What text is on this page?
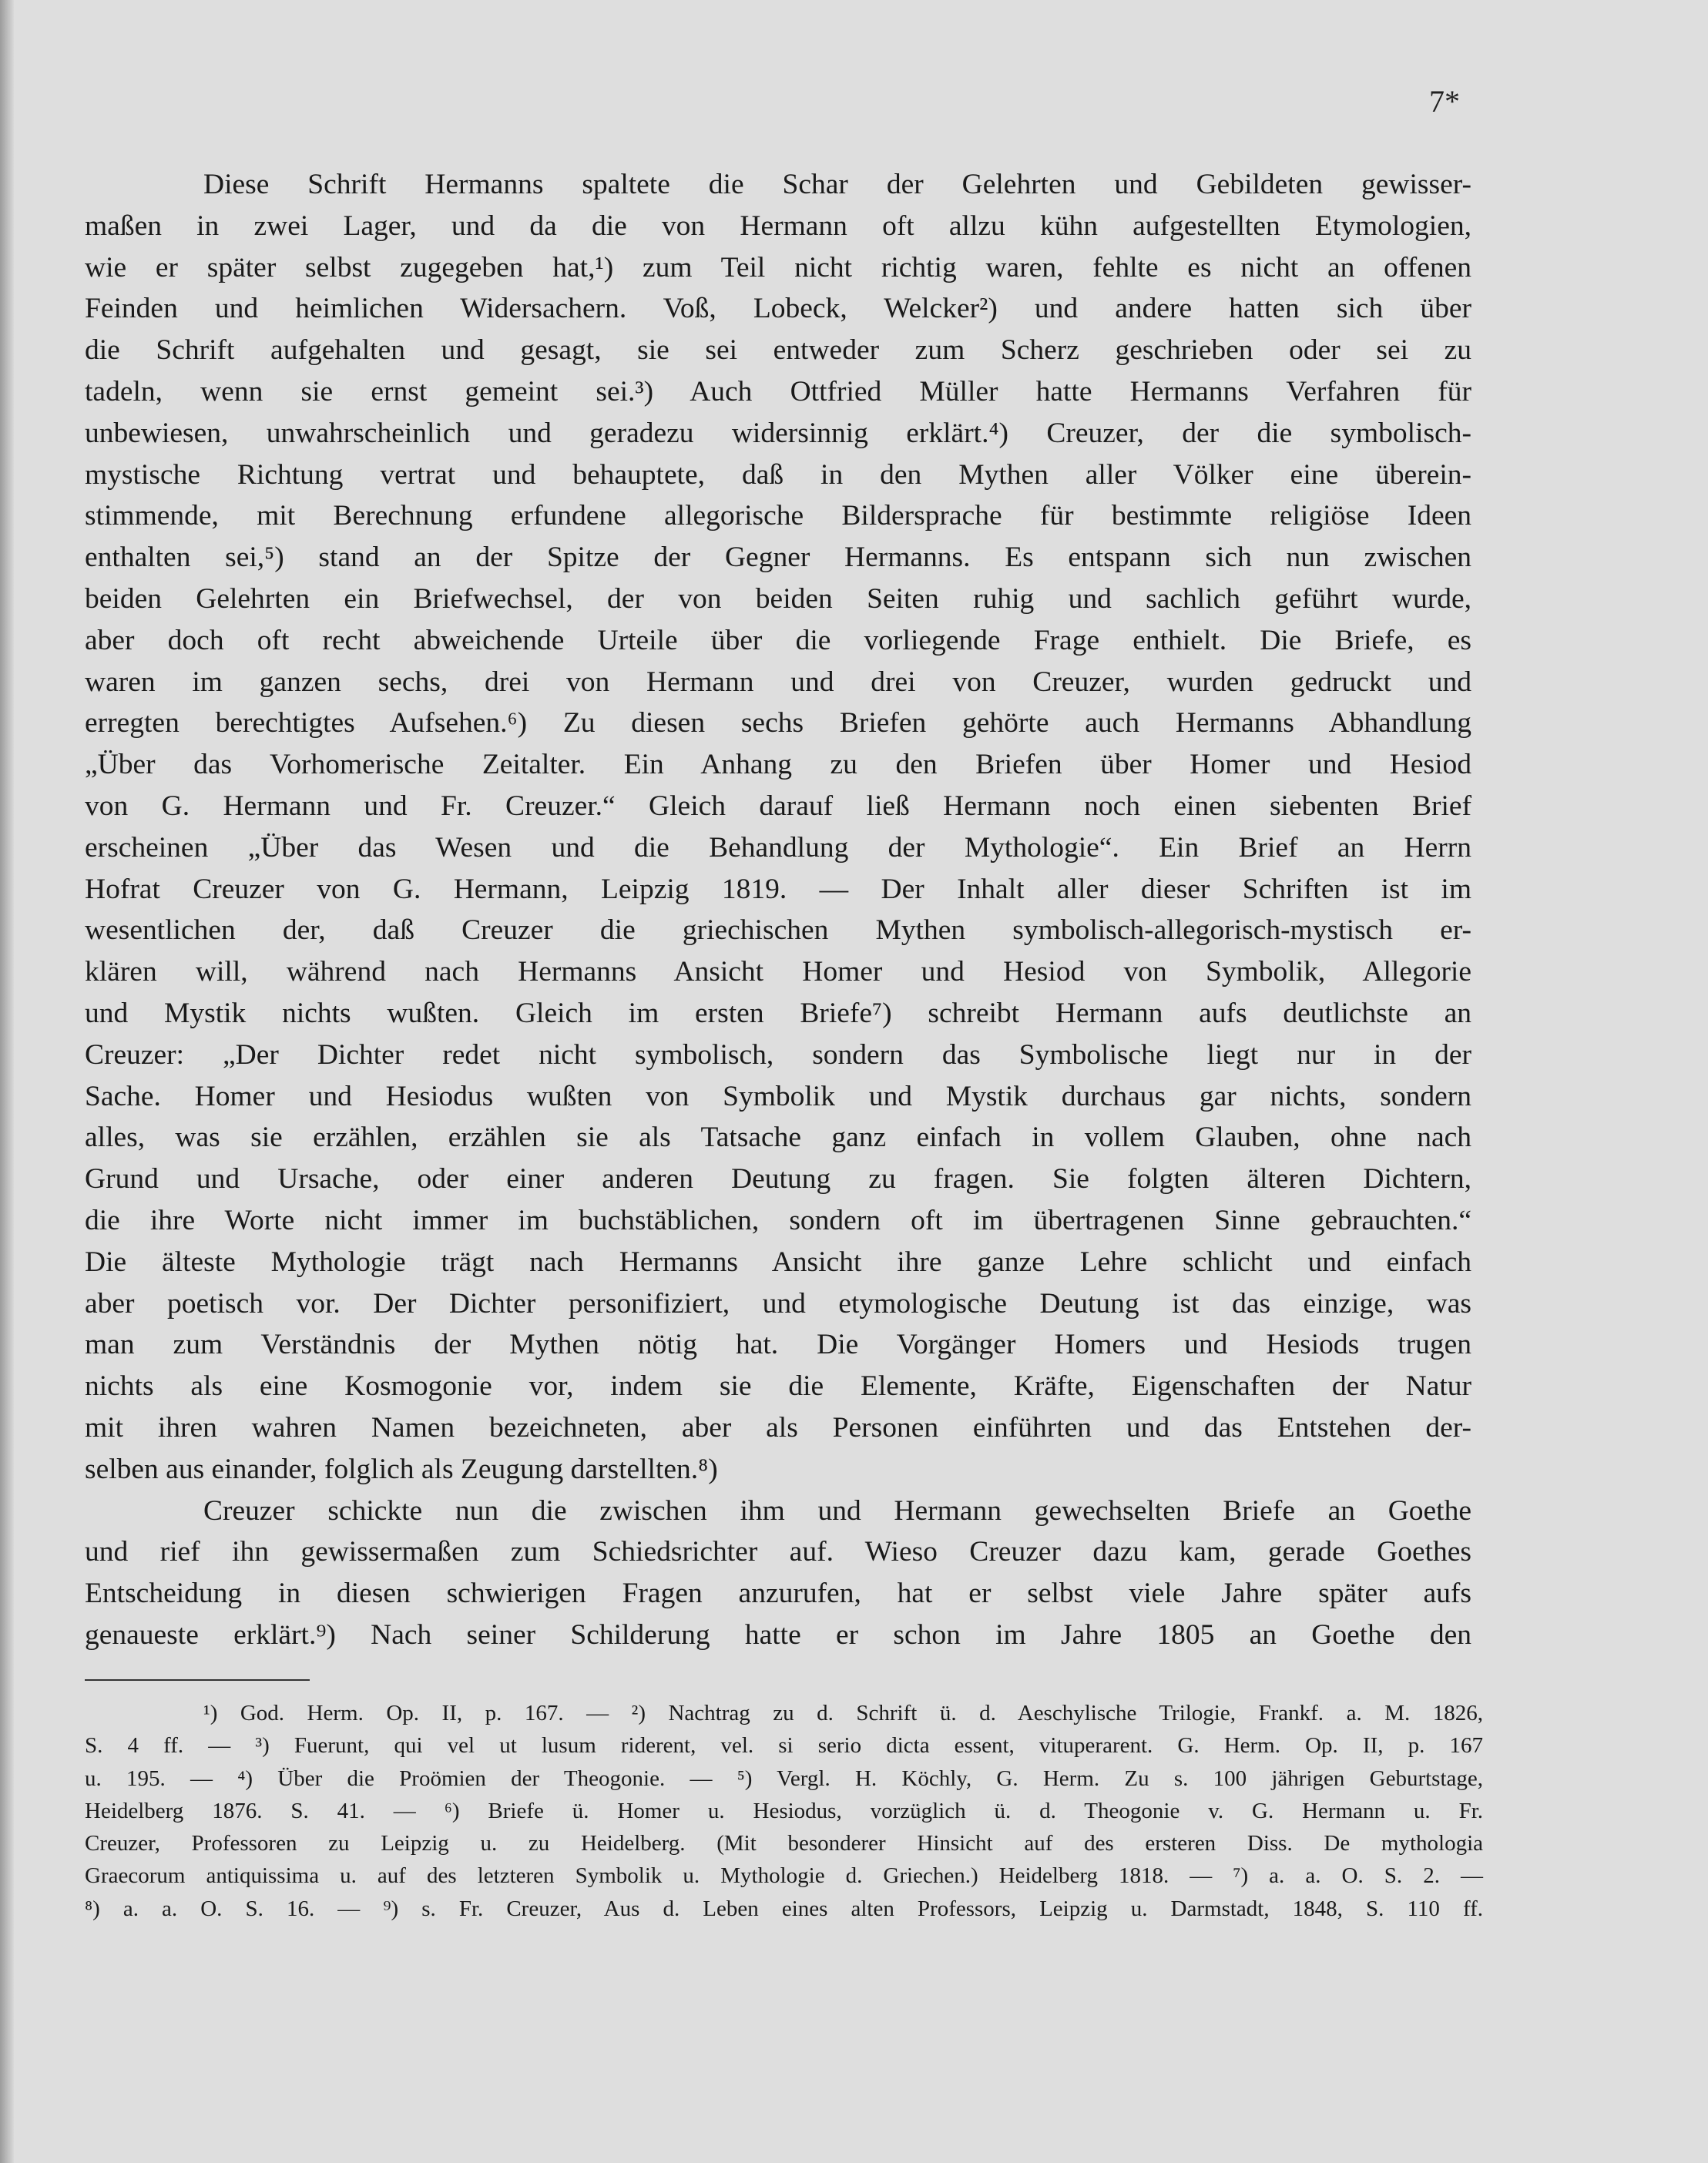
7*
Diese Schrift Hermanns spaltete die Schar der Gelehrten und Gebildeten gewisser-
maßen in zwei Lager, und da die von Hermann oft allzu kühn aufgestellten Etymologien,
wie er später selbst zugegeben hat,¹) zum Teil nicht richtig waren, fehlte es nicht an offenen
Feinden und heimlichen Widersachern. Voß, Lobeck, Welcker²) und andere hatten sich über
die Schrift aufgehalten und gesagt, sie sei entweder zum Scherz geschrieben oder sei zu
tadeln, wenn sie ernst gemeint sei.³) Auch Ottfried Müller hatte Hermanns Verfahren für
unbewiesen, unwahrscheinlich und geradezu widersinnig erklärt.⁴) Creuzer, der die symbolisch-
mystische Richtung vertrat und behauptete, daß in den Mythen aller Völker eine überein-
stimmende, mit Berechnung erfundene allegorische Bildersprache für bestimmte religiöse Ideen
enthalten sei,⁵) stand an der Spitze der Gegner Hermanns. Es entspann sich nun zwischen
beiden Gelehrten ein Briefwechsel, der von beiden Seiten ruhig und sachlich geführt wurde,
aber doch oft recht abweichende Urteile über die vorliegende Frage enthielt. Die Briefe, es
waren im ganzen sechs, drei von Hermann und drei von Creuzer, wurden gedruckt und
erregten berechtigtes Aufsehen.⁶) Zu diesen sechs Briefen gehörte auch Hermanns Abhandlung
„Über das Vorhomerische Zeitalter. Ein Anhang zu den Briefen über Homer und Hesiod
von G. Hermann und Fr. Creuzer.“ Gleich darauf ließ Hermann noch einen siebenten Brief
erscheinen „Über das Wesen und die Behandlung der Mythologie“. Ein Brief an Herrn
Hofrat Creuzer von G. Hermann, Leipzig 1819. — Der Inhalt aller dieser Schriften ist im
wesentlichen der, daß Creuzer die griechischen Mythen symbolisch-allegorisch-mystisch er-
klären will, während nach Hermanns Ansicht Homer und Hesiod von Symbolik, Allegorie
und Mystik nichts wußten. Gleich im ersten Briefe⁷) schreibt Hermann aufs deutlichste an
Creuzer: „Der Dichter redet nicht symbolisch, sondern das Symbolische liegt nur in der
Sache. Homer und Hesiodus wußten von Symbolik und Mystik durchaus gar nichts, sondern
alles, was sie erzählen, erzählen sie als Tatsache ganz einfach in vollem Glauben, ohne nach
Grund und Ursache, oder einer anderen Deutung zu fragen. Sie folgten älteren Dichtern,
die ihre Worte nicht immer im buchstäblichen, sondern oft im übertragenen Sinne gebrauchten.“
Die älteste Mythologie trägt nach Hermanns Ansicht ihre ganze Lehre schlicht und einfach
aber poetisch vor. Der Dichter personifiziert, und etymologische Deutung ist das einzige, was
man zum Verständnis der Mythen nötig hat. Die Vorgänger Homers und Hesiods trugen
nichts als eine Kosmogonie vor, indem sie die Elemente, Kräfte, Eigenschaften der Natur
mit ihren wahren Namen bezeichneten, aber als Personen einführten und das Entstehen der-
selben aus einander, folglich als Zeugung darstellten.⁸)
Creuzer schickte nun die zwischen ihm und Hermann gewechselten Briefe an Goethe
und rief ihn gewissermaßen zum Schiedsrichter auf. Wieso Creuzer dazu kam, gerade Goethes
Entscheidung in diesen schwierigen Fragen anzurufen, hat er selbst viele Jahre später aufs
genaueste erklärt.⁹) Nach seiner Schilderung hatte er schon im Jahre 1805 an Goethe den
¹) God. Herm. Op. II, p. 167. — ²) Nachtrag zu d. Schrift ü. d. Aeschylische Trilogie, Frankf. a. M. 1826,
S. 4 ff. — ³) Fuerunt, qui vel ut lusum riderent, vel. si serio dicta essent, vituperarent. G. Herm. Op. II, p. 167
u. 195. — ⁴) Über die Proömien der Theogonie. — ⁵) Vergl. H. Köchly, G. Herm. Zu s. 100 jährigen Geburtstage,
Heidelberg 1876. S. 41. — ⁶) Briefe ü. Homer u. Hesiodus, vorzüglich ü. d. Theogonie v. G. Hermann u. Fr.
Creuzer, Professoren zu Leipzig u. zu Heidelberg. (Mit besonderer Hinsicht auf des ersteren Diss. De mythologia
Graecorum antiquissima u. auf des letzteren Symbolik u. Mythologie d. Griechen.) Heidelberg 1818. — ⁷) a. a. O. S. 2. —
⁸) a. a. O. S. 16. — ⁹) s. Fr. Creuzer, Aus d. Leben eines alten Professors, Leipzig u. Darmstadt, 1848, S. 110 ff.
